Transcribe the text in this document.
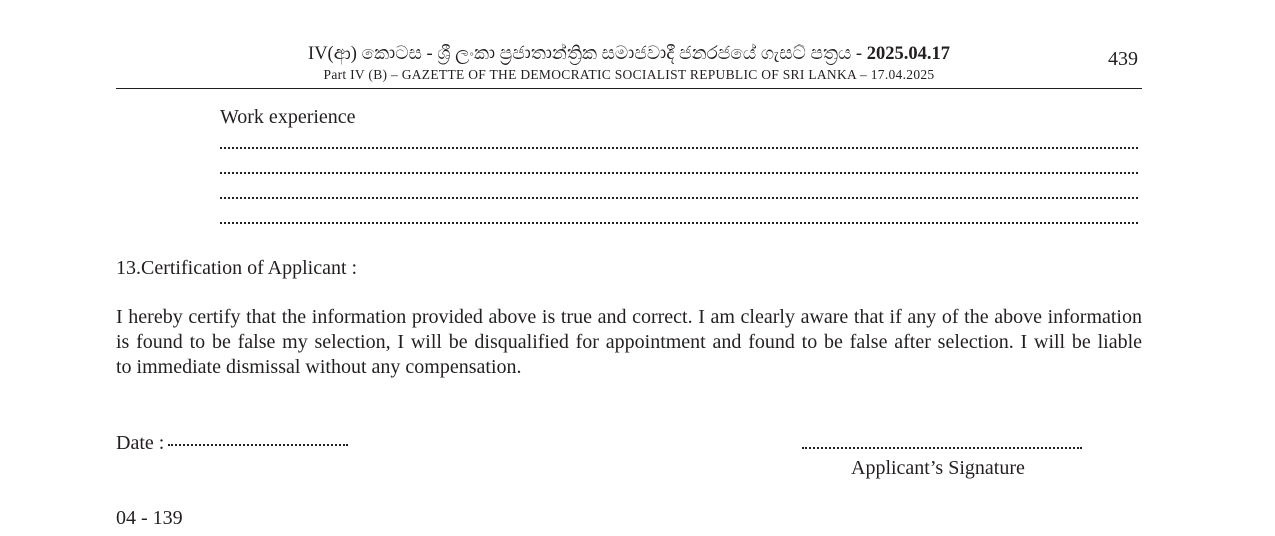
IV(ආ) කොටස - ශ්‍රී ලංකා ප්‍රජාතාන්ත්‍රික සමාජවාදී ජනරජයේ ගැසට් පත්‍රය - 2025.04.17
Part IV (B) – GAZETTE OF THE DEMOCRATIC SOCIALIST REPUBLIC OF SRI LANKA – 17.04.2025
439
Work experience
13.Certification of Applicant :
I hereby certify that the information provided above is true and correct. I am clearly aware that if any of the above information
is found to be false my selection, I will be disqualified for appointment and found to be false after selection. I will be liable
to immediate dismissal without any compensation.
Date :
Applicant’s Signature
04 - 139
